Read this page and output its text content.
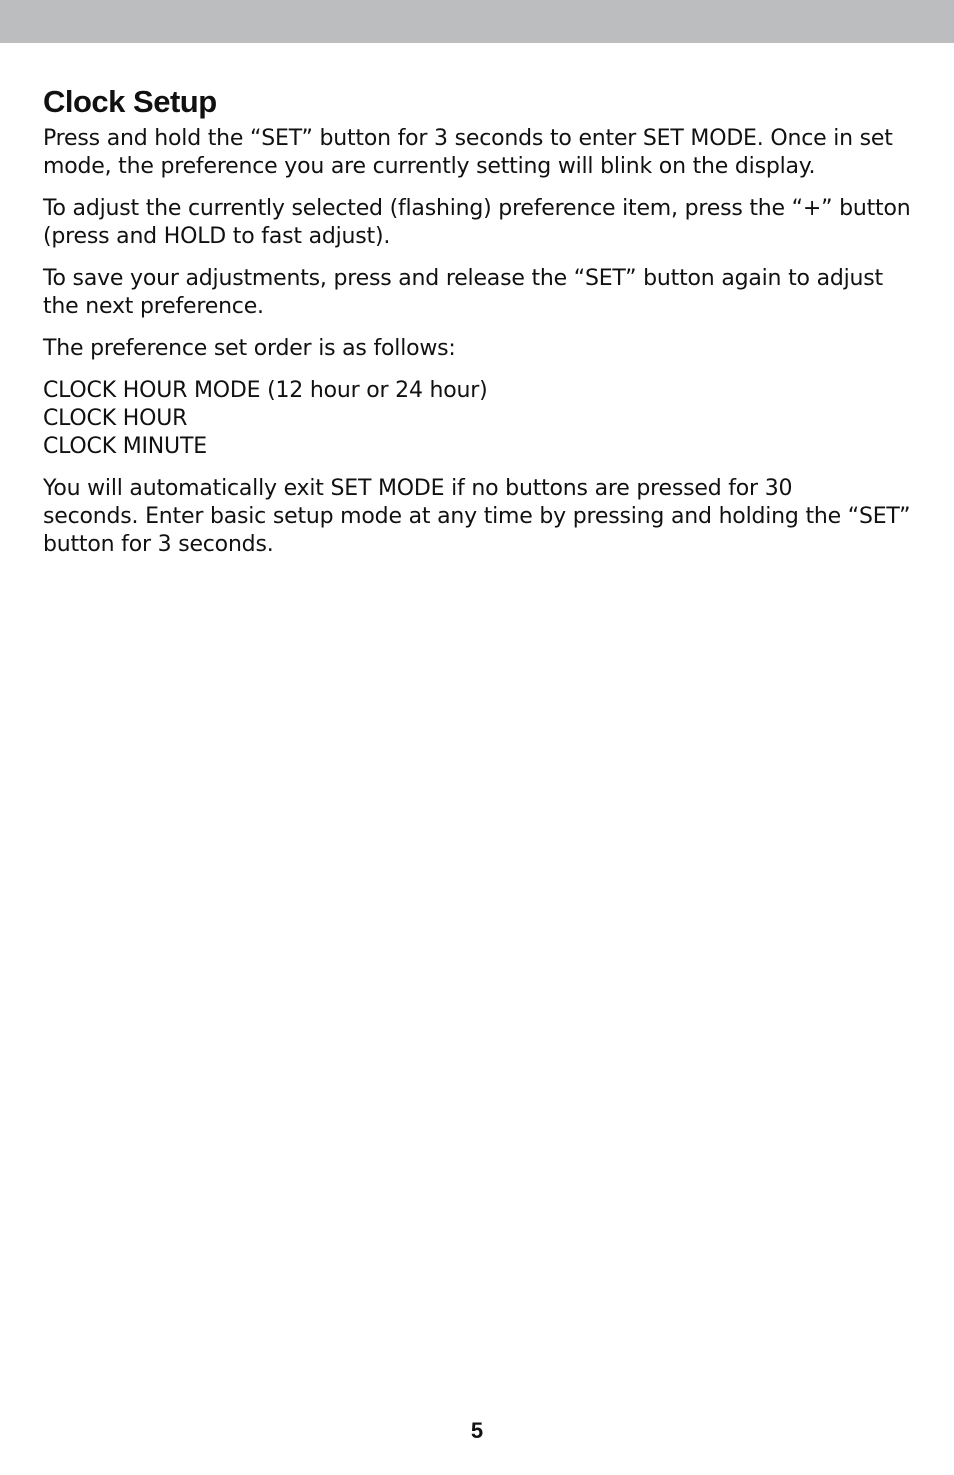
Clock Setup

Press and hold the “SET” button for 3 seconds to enter SET MODE. Once in set
mode, the preference you are currently setting will blink on the display.

To adjust the currently selected (flashing) preference item, press the “+” button
(press and HOLD to fast adjust).

To save your adjustments, press and release the “SET” button again to adjust
the next preference.

The preference set order is as follows:

CLOCK HOUR MODE (12 hour or 24 hour)
CLOCK HOUR
CLOCK MINUTE

You will automatically exit SET MODE if no buttons are pressed for 30
seconds. Enter basic setup mode at any time by pressing and holding the “SET”
button for 3 seconds.

5
